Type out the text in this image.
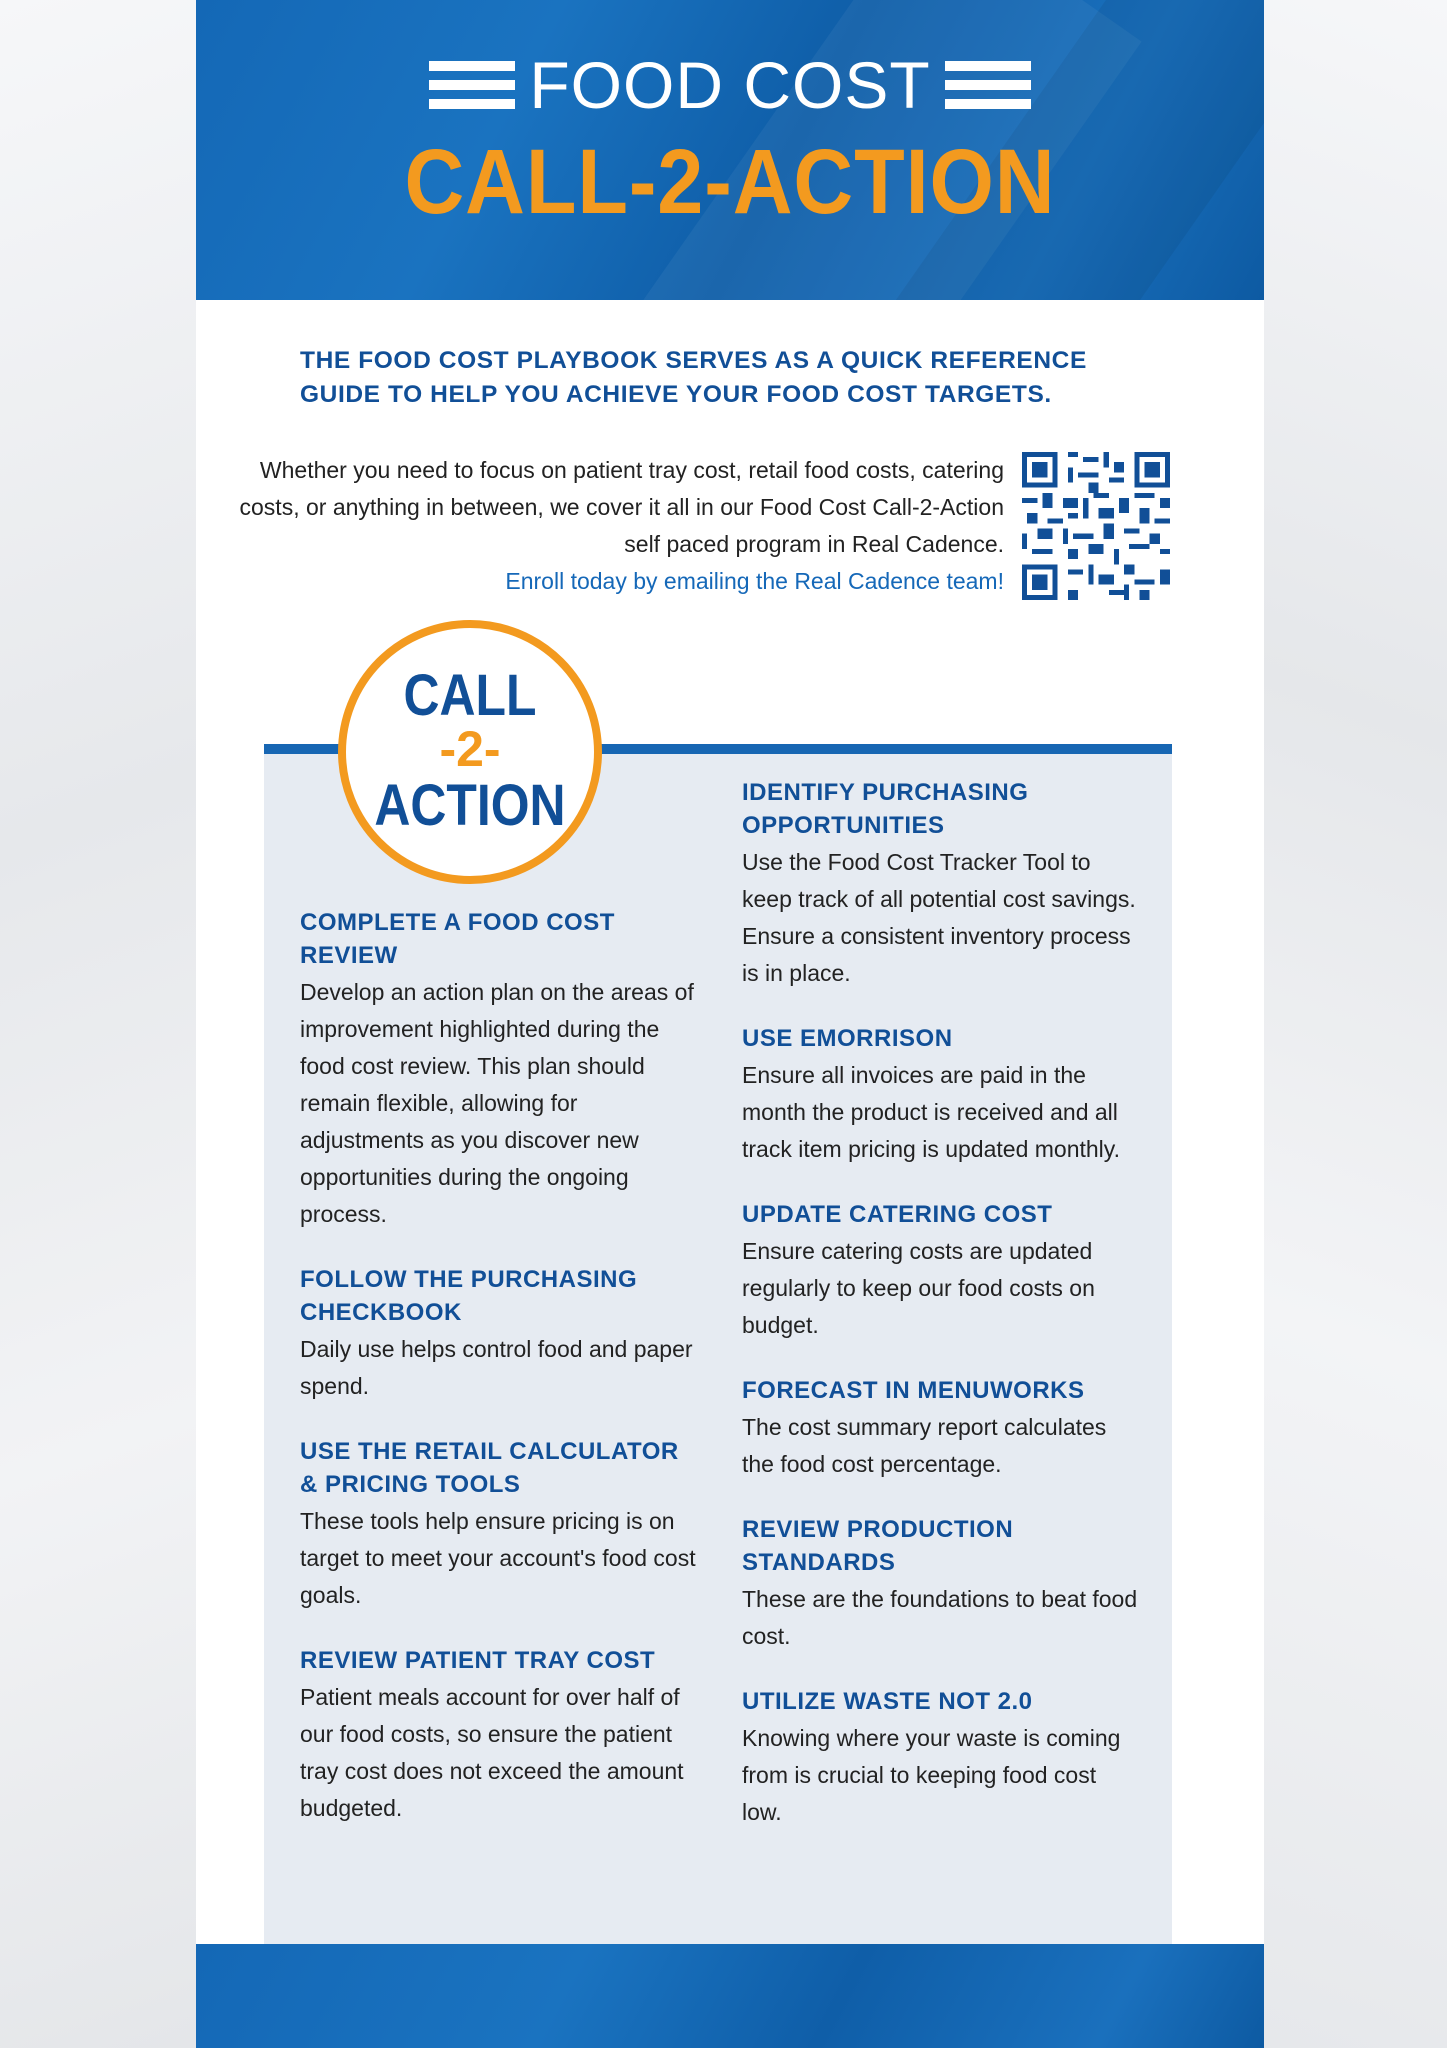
FOOD COST
CALL-2-ACTION
THE FOOD COST PLAYBOOK SERVES AS A QUICK REFERENCE GUIDE TO HELP YOU ACHIEVE YOUR FOOD COST TARGETS.
Whether you need to focus on patient tray cost, retail food costs, catering costs, or anything in between, we cover it all in our Food Cost Call-2-Action self paced program in Real Cadence.
Enroll today by emailing the Real Cadence team!
CALL
-2-
ACTION
COMPLETE A FOOD COST REVIEW

Develop an action plan on the areas of improvement highlighted during the food cost review. This plan should remain flexible, allowing for adjustments as you discover new opportunities during the ongoing process.

FOLLOW THE PURCHASING CHECKBOOK

Daily use helps control food and paper spend.

USE THE RETAIL CALCULATOR & PRICING TOOLS

These tools help ensure pricing is on target to meet your account's food cost goals.

REVIEW PATIENT TRAY COST

Patient meals account for over half of our food costs, so ensure the patient tray cost does not exceed the amount budgeted.

IDENTIFY PURCHASING OPPORTUNITIES

Use the Food Cost Tracker Tool to keep track of all potential cost savings. Ensure a consistent inventory process is in place.

USE EMORRISON

Ensure all invoices are paid in the month the product is received and all track item pricing is updated monthly.

UPDATE CATERING COST

Ensure catering costs are updated regularly to keep our food costs on budget.

FORECAST IN MENUWORKS

The cost summary report calculates the food cost percentage.

REVIEW PRODUCTION STANDARDS

These are the foundations to beat food cost.

UTILIZE WASTE NOT 2.0

Knowing where your waste is coming from is crucial to keeping food cost low.
